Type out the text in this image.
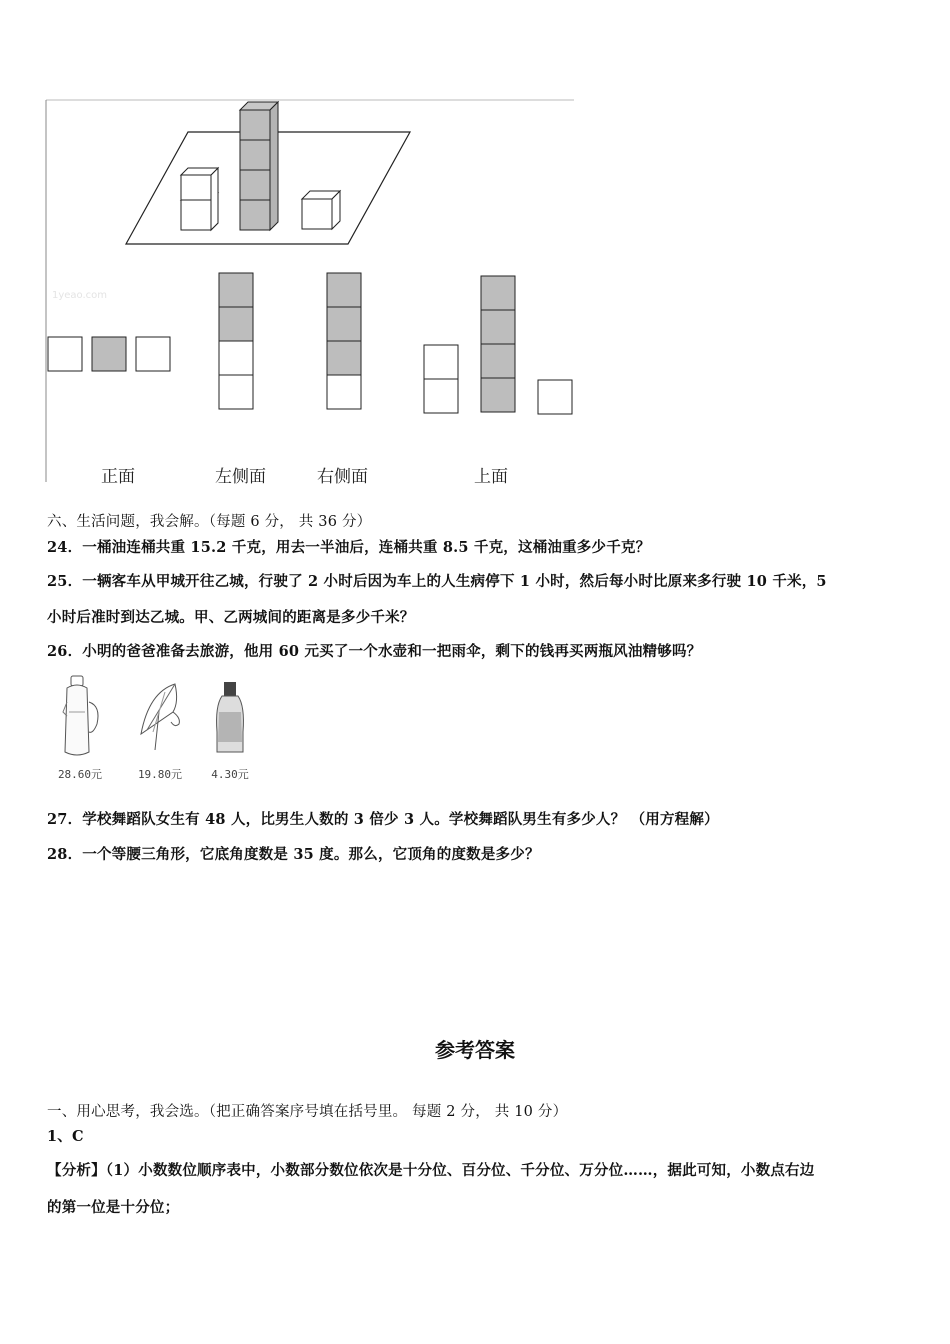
1yeao.com
正面	左侧面	右侧面	上面
六、生活问题，我会解。（每题 6 分， 共 36 分）
24．一桶油连桶共重 15.2 千克，用去一半油后，连桶共重 8.5 千克，这桶油重多少千克？
25．一辆客车从甲城开往乙城，行驶了 2 小时后因为车上的人生病停下 1 小时，然后每小时比原来多行驶 10 千米，5
小时后准时到达乙城。甲、乙两城间的距离是多少千米？
26．小明的爸爸准备去旅游，他用 60 元买了一个水壶和一把雨伞，剩下的钱再买两瓶风油精够吗？
28.60元	19.80元	4.30元
27．学校舞蹈队女生有 48 人，比男生人数的 3 倍少 3 人。学校舞蹈队男生有多少人？ （用方程解）
28．一个等腰三角形，它底角度数是 35 度。那么，它顶角的度数是多少？
参考答案
一、用心思考，我会选。（把正确答案序号填在括号里。 每题 2 分， 共 10 分）
1、C
【分析】（1）小数数位顺序表中，小数部分数位依次是十分位、百分位、千分位、万分位……，据此可知，小数点右边
的第一位是十分位；
